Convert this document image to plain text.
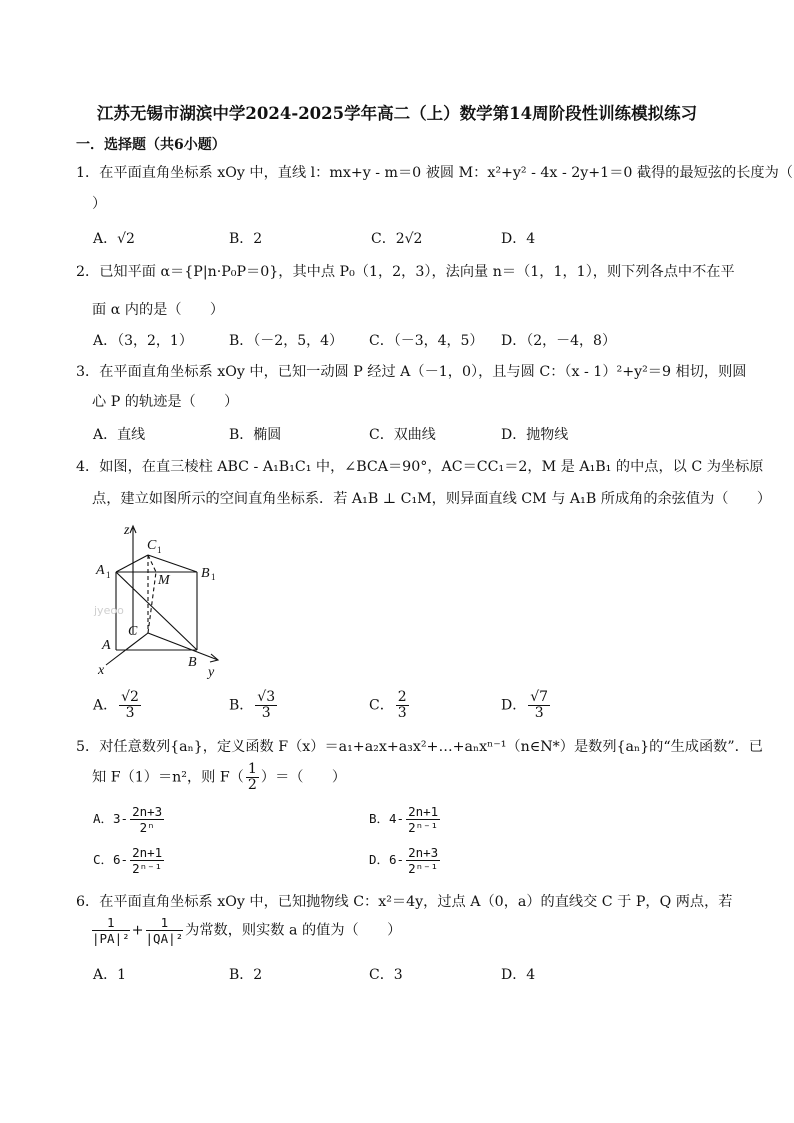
江苏无锡市湖滨中学2024-2025学年高二（上）数学第14周阶段性训练模拟练习
一．选择题（共6小题）
1．在平面直角坐标系 xOy 中，直线 l：mx+y - m＝0 被圆 M：x²+y² - 4x - 2y+1＝0 截得的最短弦的长度为（
）
A．√2	B．2	C．2√2	D．4
2．已知平面 α＝{P|n·P₀P＝0}，其中点 P₀（1，2，3），法向量 n＝（1，1，1），则下列各点中不在平
面 α 内的是（　　）
A．（3，2，1）	B．（－2，5，4） C．（－3，4，5） D．（2，－4，8）
3．在平面直角坐标系 xOy 中，已知一动圆 P 经过 A（－1，0），且与圆 C：（x - 1）²+y²＝9 相切，则圆
心 P 的轨迹是（　　）
A．直线	B．椭圆	C．双曲线	D．抛物线
4．如图，在直三棱柱 ABC - A₁B₁C₁ 中，∠BCA＝90°，AC＝CC₁＝2，M 是 A₁B₁ 的中点，以 C 为坐标原
点，建立如图所示的空间直角坐标系．若 A₁B ⊥ C₁M，则异面直线 CM 与 A₁B 所成角的余弦值为（　　）
z
C 1
A 1	B 1
M
C
A
B
x	y
jyeoo
A． $\frac{√2}{3}$	B． $\frac{√3}{3}$	C． $\frac{2}{3}$	D． $\frac{√7}{3}$
5．对任意数列{aₙ}，定义函数 F（x）＝a₁+a₂x+a₃x²+…+aₙxⁿ⁻¹（n∈N*）是数列{aₙ}的“生成函数”．已
知 F（1）＝n²，则 $F( \frac{1}{2}$ ）＝（　　）
A．$3- \frac{2n+3}{\text{2ⁿ}}$	B．$4- \frac{2n+1}{\text{2ⁿ⁻¹}}$
C．$6- \frac{2n+1}{\text{2ⁿ⁻¹}}$	D．$6- \frac{2n+3}{\text{2ⁿ⁻¹}}$
6．在平面直角坐标系 xOy 中，已知抛物线 C：x²＝4y，过点 A（0，a）的直线交 C 于 P，Q 两点，若
$\frac{1}{\text{|PA|²}} + \frac{1}{\text{|QA|²}}$ 为常数，则实数 a 的值为（　　）
A．1	B．2	C．3	D．4
